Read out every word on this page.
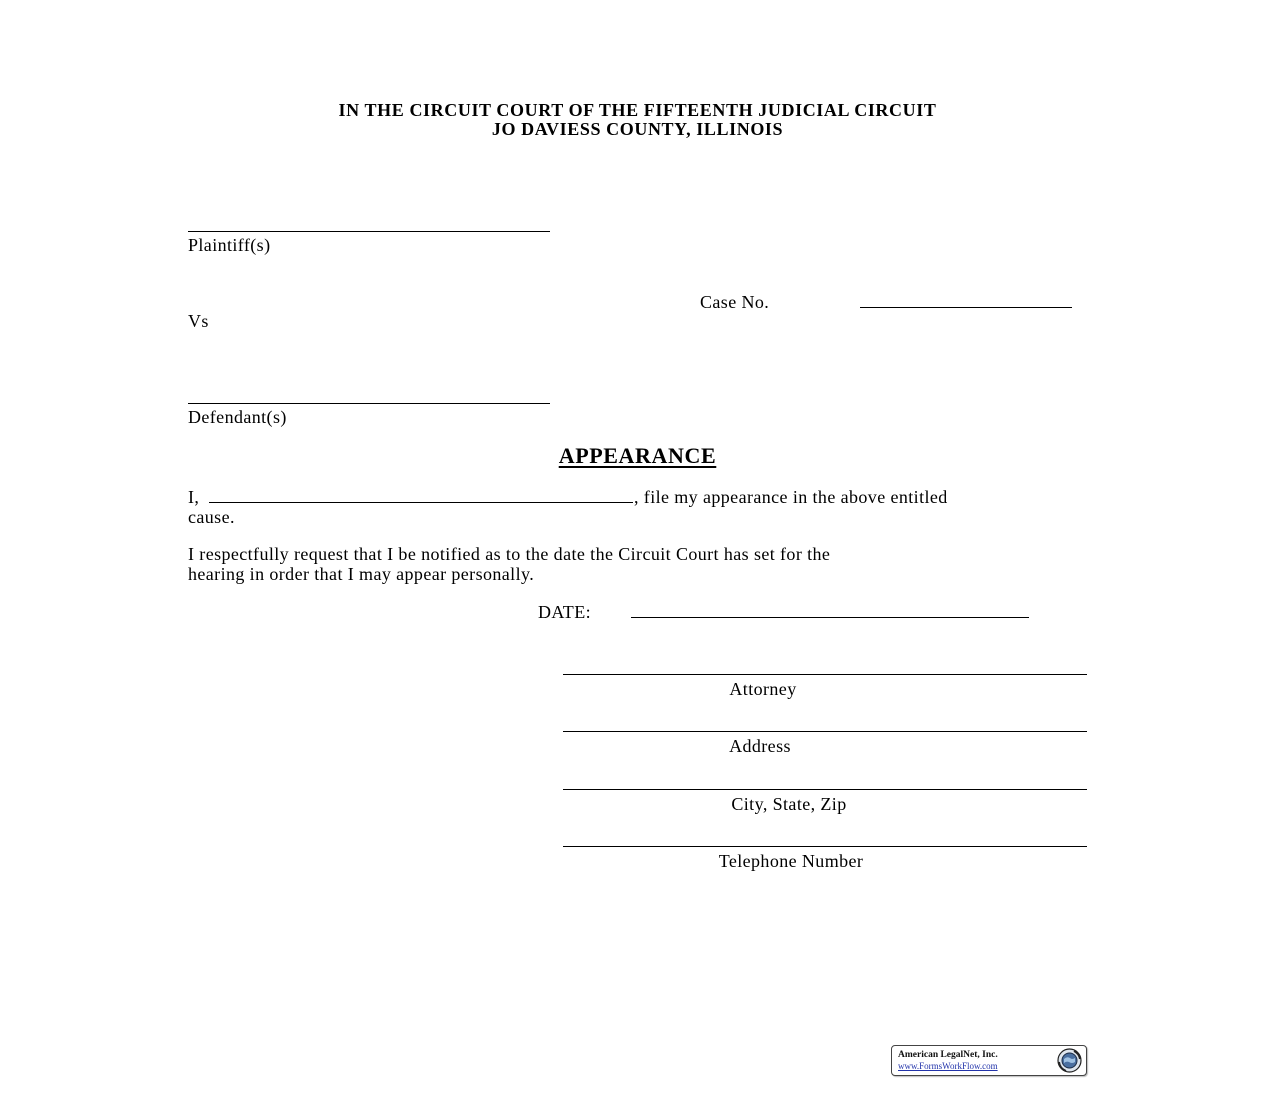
IN THE CIRCUIT COURT OF THE FIFTEENTH JUDICIAL CIRCUIT
JO DAVIESS COUNTY, ILLINOIS
Plaintiff(s)
Case No.
Vs
Defendant(s)
APPEARANCE
I,	, file my appearance in the above entitled
cause.
I respectfully request that I be notified as to the date the Circuit Court has set for the
hearing in order that I may appear personally.
DATE:
Attorney
Address
City, State, Zip
Telephone Number
American LegalNet, Inc.
www.FormsWorkFlow.com
